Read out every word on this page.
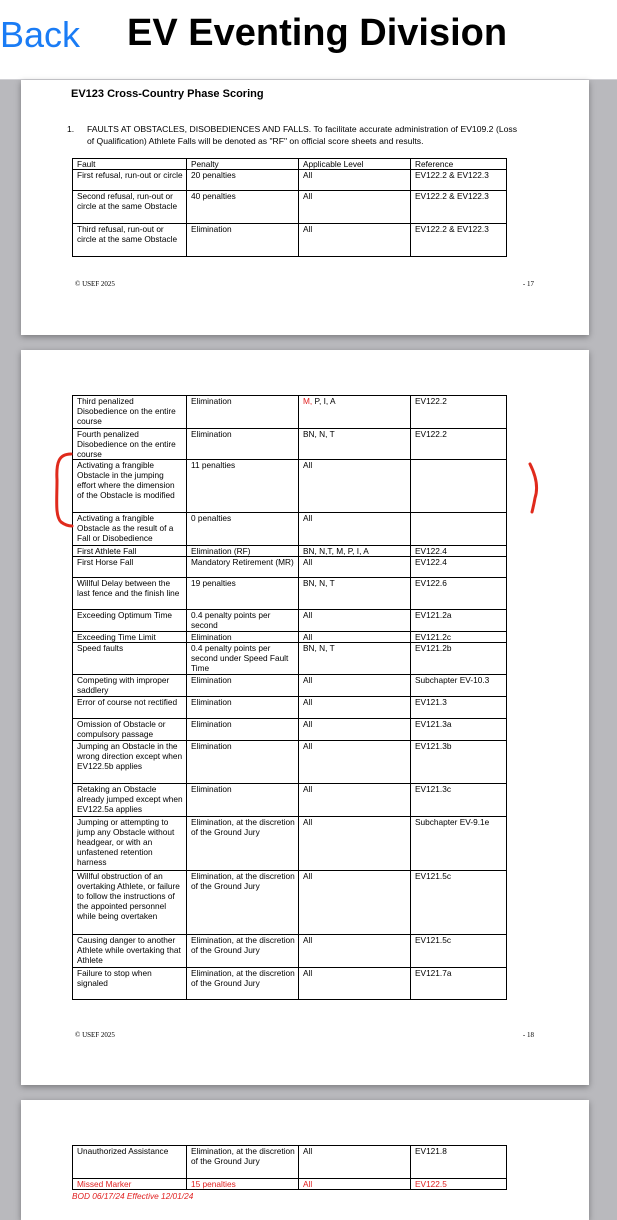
Back EV Eventing Division
EV123 Cross-Country Phase Scoring
1.	FAULTS AT OBSTACLES, DISOBEDIENCES AND FALLS. To facilitate accurate administration of EV109.2 (Loss of Qualification) Athlete Falls will be denoted as "RF" on official score sheets and results.
Fault	Penalty	Applicable Level	Reference
First refusal, run-out or circle	20 penalties	All	EV122.2 & EV122.3
Second refusal, run-out or circle at the same Obstacle	40 penalties	All	EV122.2 & EV122.3
Third refusal, run-out or circle at the same Obstacle	Elimination	All	EV122.2 & EV122.3
© USEF 2025	- 17
Third penalized Disobedience on the entire course	Elimination	M, P, I, A	EV122.2
Fourth penalized Disobedience on the entire course	Elimination	BN, N, T	EV122.2
Activating a frangible Obstacle in the jumping effort where the dimension of the Obstacle is modified	11 penalties	All	
Activating a frangible Obstacle as the result of a Fall or Disobedience	0 penalties	All	
First Athlete Fall	Elimination (RF)	BN, N,T, M, P, I, A	EV122.4
First Horse Fall	Mandatory Retirement (MR)	All	EV122.4
Willful Delay between the last fence and the finish line	19 penalties	BN, N, T	EV122.6
Exceeding Optimum Time	0.4 penalty points per second	All	EV121.2a
Exceeding Time Limit	Elimination	All	EV121.2c
Speed faults	0.4 penalty points per second under Speed Fault Time	BN, N, T	EV121.2b
Competing with improper saddlery	Elimination	All	Subchapter EV-10.3
Error of course not rectified	Elimination	All	EV121.3
Omission of Obstacle or compulsory passage	Elimination	All	EV121.3a
Jumping an Obstacle in the wrong direction except when EV122.5b applies	Elimination	All	EV121.3b
Retaking an Obstacle already jumped except when EV122.5a applies	Elimination	All	EV121.3c
Jumping or attempting to jump any Obstacle without headgear, or with an unfastened retention harness	Elimination, at the discretion of the Ground Jury	All	Subchapter EV-9.1e
Willful obstruction of an overtaking Athlete, or failure to follow the instructions of the appointed personnel while being overtaken	Elimination, at the discretion of the Ground Jury	All	EV121.5c
Causing danger to another Athlete while overtaking that Athlete	Elimination, at the discretion of the Ground Jury	All	EV121.5c
Failure to stop when signaled	Elimination, at the discretion of the Ground Jury	All	EV121.7a
© USEF 2025	- 18
Unauthorized Assistance	Elimination, at the discretion of the Ground Jury	All	EV121.8
Missed Marker	15 penalties	All	EV122.5
BOD 06/17/24 Effective 12/01/24
